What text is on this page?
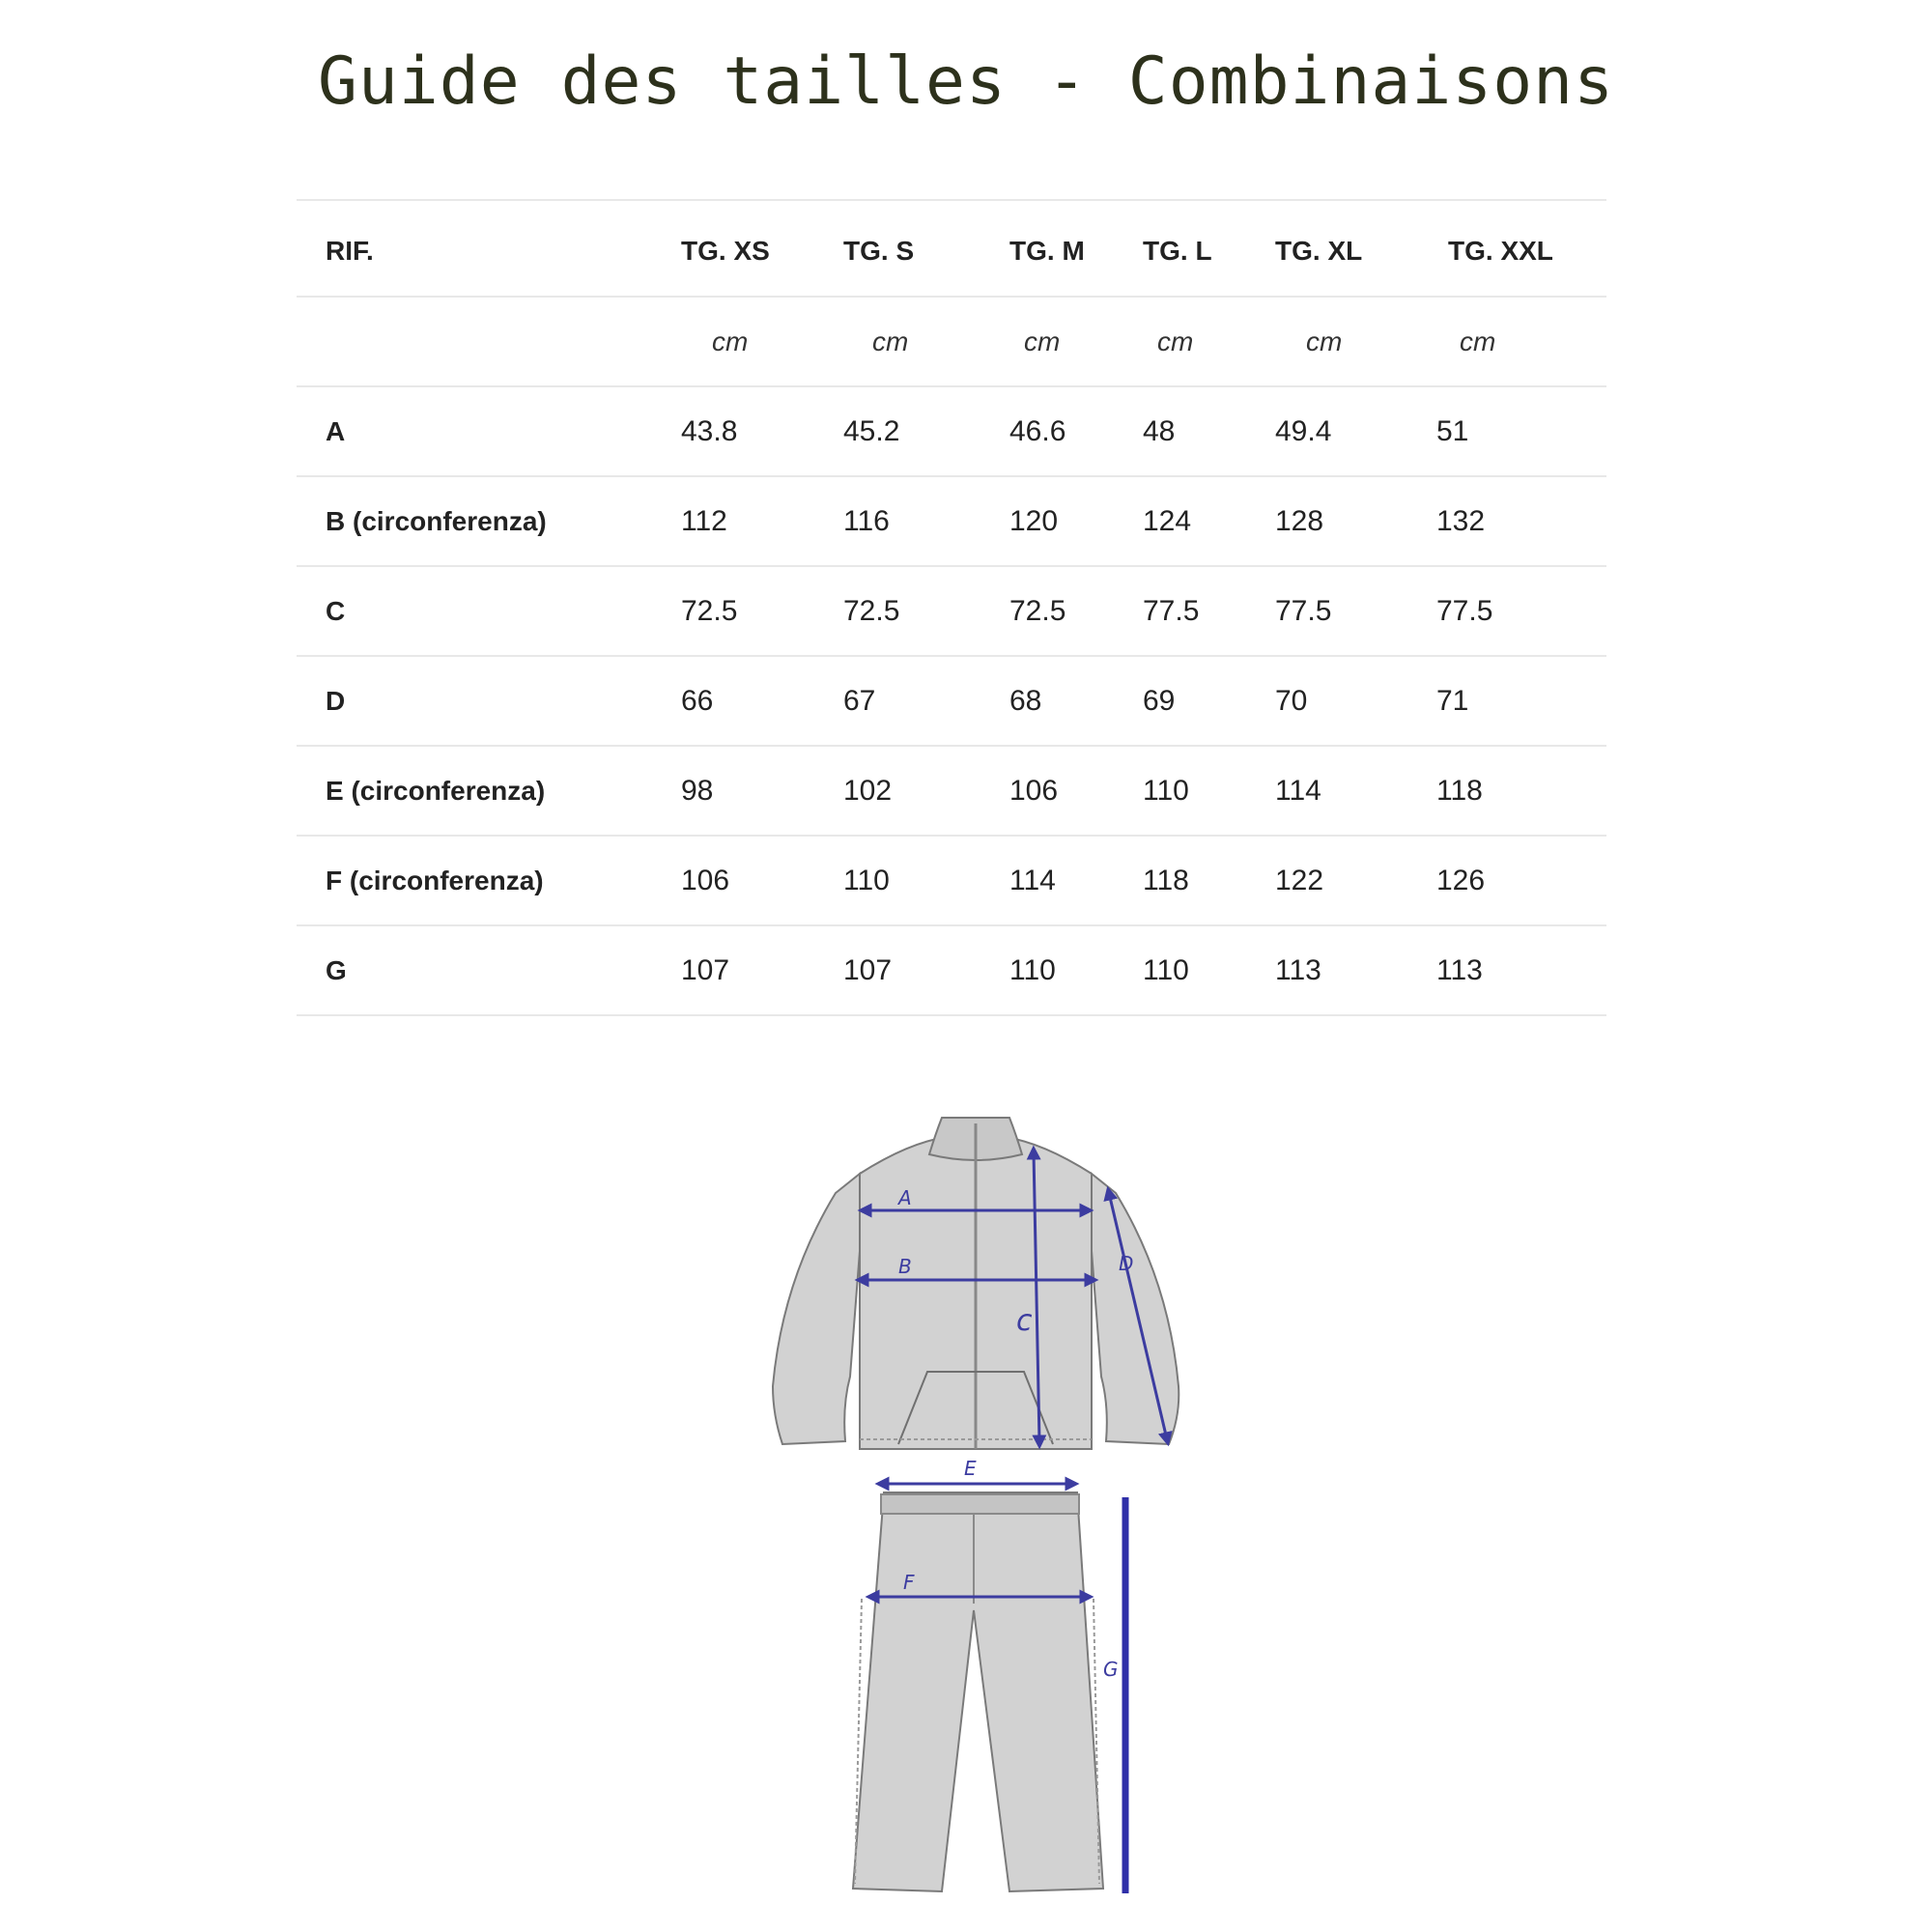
Guide des tailles - Combinaisons
RIF.	TG. XS	TG. S	TG. M	TG. L	TG. XL	TG. XXL
	cm	cm	cm	cm	cm	cm
A	43.8	45.2	46.6	48	49.4	51
B (circonferenza)	112	116	120	124	128	132
C	72.5	72.5	72.5	77.5	77.5	77.5
D	66	67	68	69	70	71
E (circonferenza)	98	102	106	110	114	118
F (circonferenza)	106	110	114	118	122	126
G	107	107	110	110	113	113
A
B
c
D
E
F
G
